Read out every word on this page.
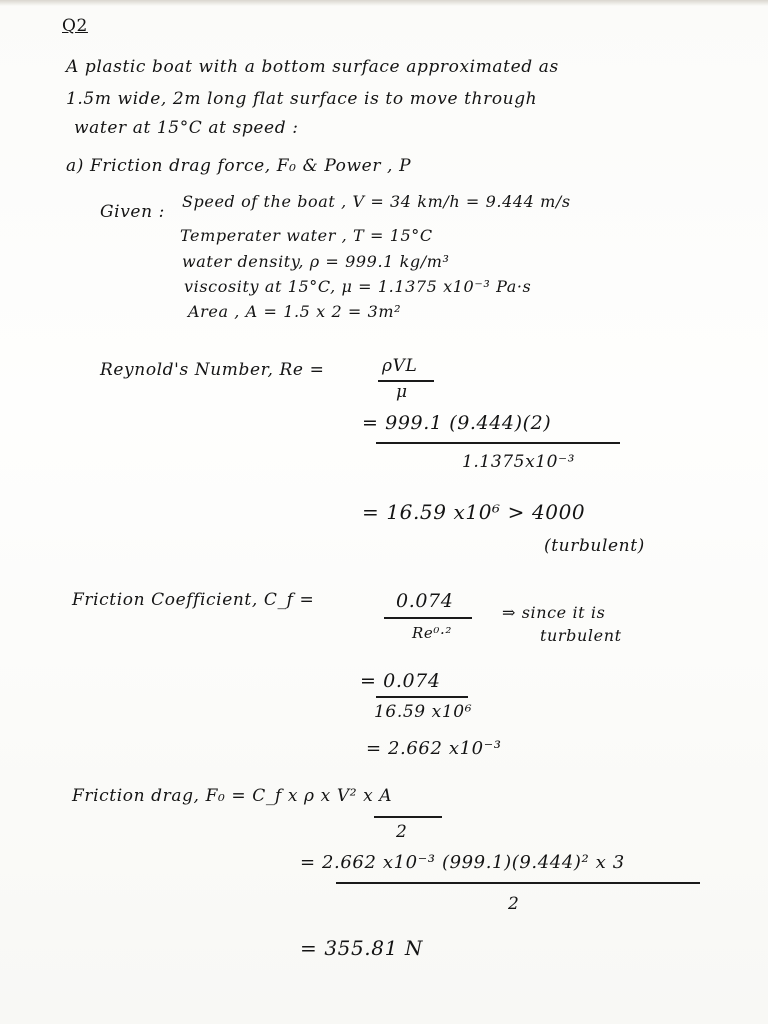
Q2
A plastic boat with a bottom surface approximated as
1.5m wide, 2m long flat surface is to move through
water at 15°C at speed :
a) Friction drag force, F₀ & Power , P
Given :
Speed of the boat , V = 34 km/h = 9.444 m/s
Temperater water , T = 15°C
water density, ρ = 999.1 kg/m³
viscosity at 15°C, μ = 1.1375 x10⁻³ Pa·s
Area , A = 1.5 x 2 = 3m²
Reynold's Number, Re =	ρVL
μ
= 999.1 (9.444)(2)
1.1375x10⁻³
= 16.59 x10⁶ > 4000
(turbulent)
Friction Coefficient, C_f =	0.074
Re⁰·²
⇒ since it is
turbulent
= 0.074
16.59 x10⁶
= 2.662 x10⁻³
Friction drag, F₀ = C_f x ρ x V² x A
2
= 2.662 x10⁻³ (999.1)(9.444)² x 3
2
= 355.81 N
